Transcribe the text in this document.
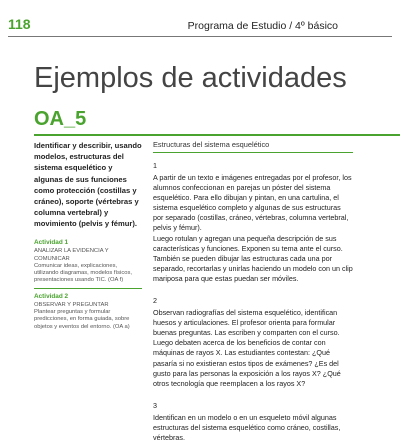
118	Programa de Estudio / 4º básico
Ejemplos de actividades
OA_5
Identificar y describir, usando modelos, estructuras del sistema esquelético y algunas de sus funciones como protección (costillas y cráneo), soporte (vértebras y columna vertebral) y movimiento (pelvis y fémur).
Actividad 1
ANALIZAR LA EVIDENCIA Y COMUNICAR
Comunicar ideas, explicaciones, utilizando diagramas, modelos físicos, presentaciones usando TIC. (OA f)
Actividad 2
OBSERVAR Y PREGUNTAR
Plantear preguntas y formular predicciones, en forma guiada, sobre objetos y eventos del entorno. (OA a)
Estructuras del sistema esquelético
1
A partir de un texto e imágenes entregadas por el profesor, los alumnos confeccionan en parejas un póster del sistema esquelético. Para ello dibujan y pintan, en una cartulina, el sistema esquelético completo y algunas de sus estructuras por separado (costillas, cráneo, vértebras, columna vertebral, pelvis y fémur).
Luego rotulan y agregan una pequeña descripción de sus características y funciones. Exponen su tema ante el curso. También se pueden dibujar las estructuras cada una por separado, recortarlas y unirlas haciendo un modelo con un clip mariposa para que estas puedan ser móviles.
2
Observan radiografías del sistema esquelético, identifican huesos y articulaciones. El profesor orienta para formular buenas preguntas. Las escriben y comparten con el curso. Luego debaten acerca de los beneficios de contar con máquinas de rayos X. Las estudiantes contestan: ¿Qué pasaría si no existieran estos tipos de exámenes? ¿Es del gusto para las personas la exposición a los rayos X? ¿Qué otros tecnología que reemplacen a los rayos X?
3
Identifican en un modelo o en un esqueleto móvil algunas estructuras del sistema esquelético como cráneo, costillas, vértebras.
